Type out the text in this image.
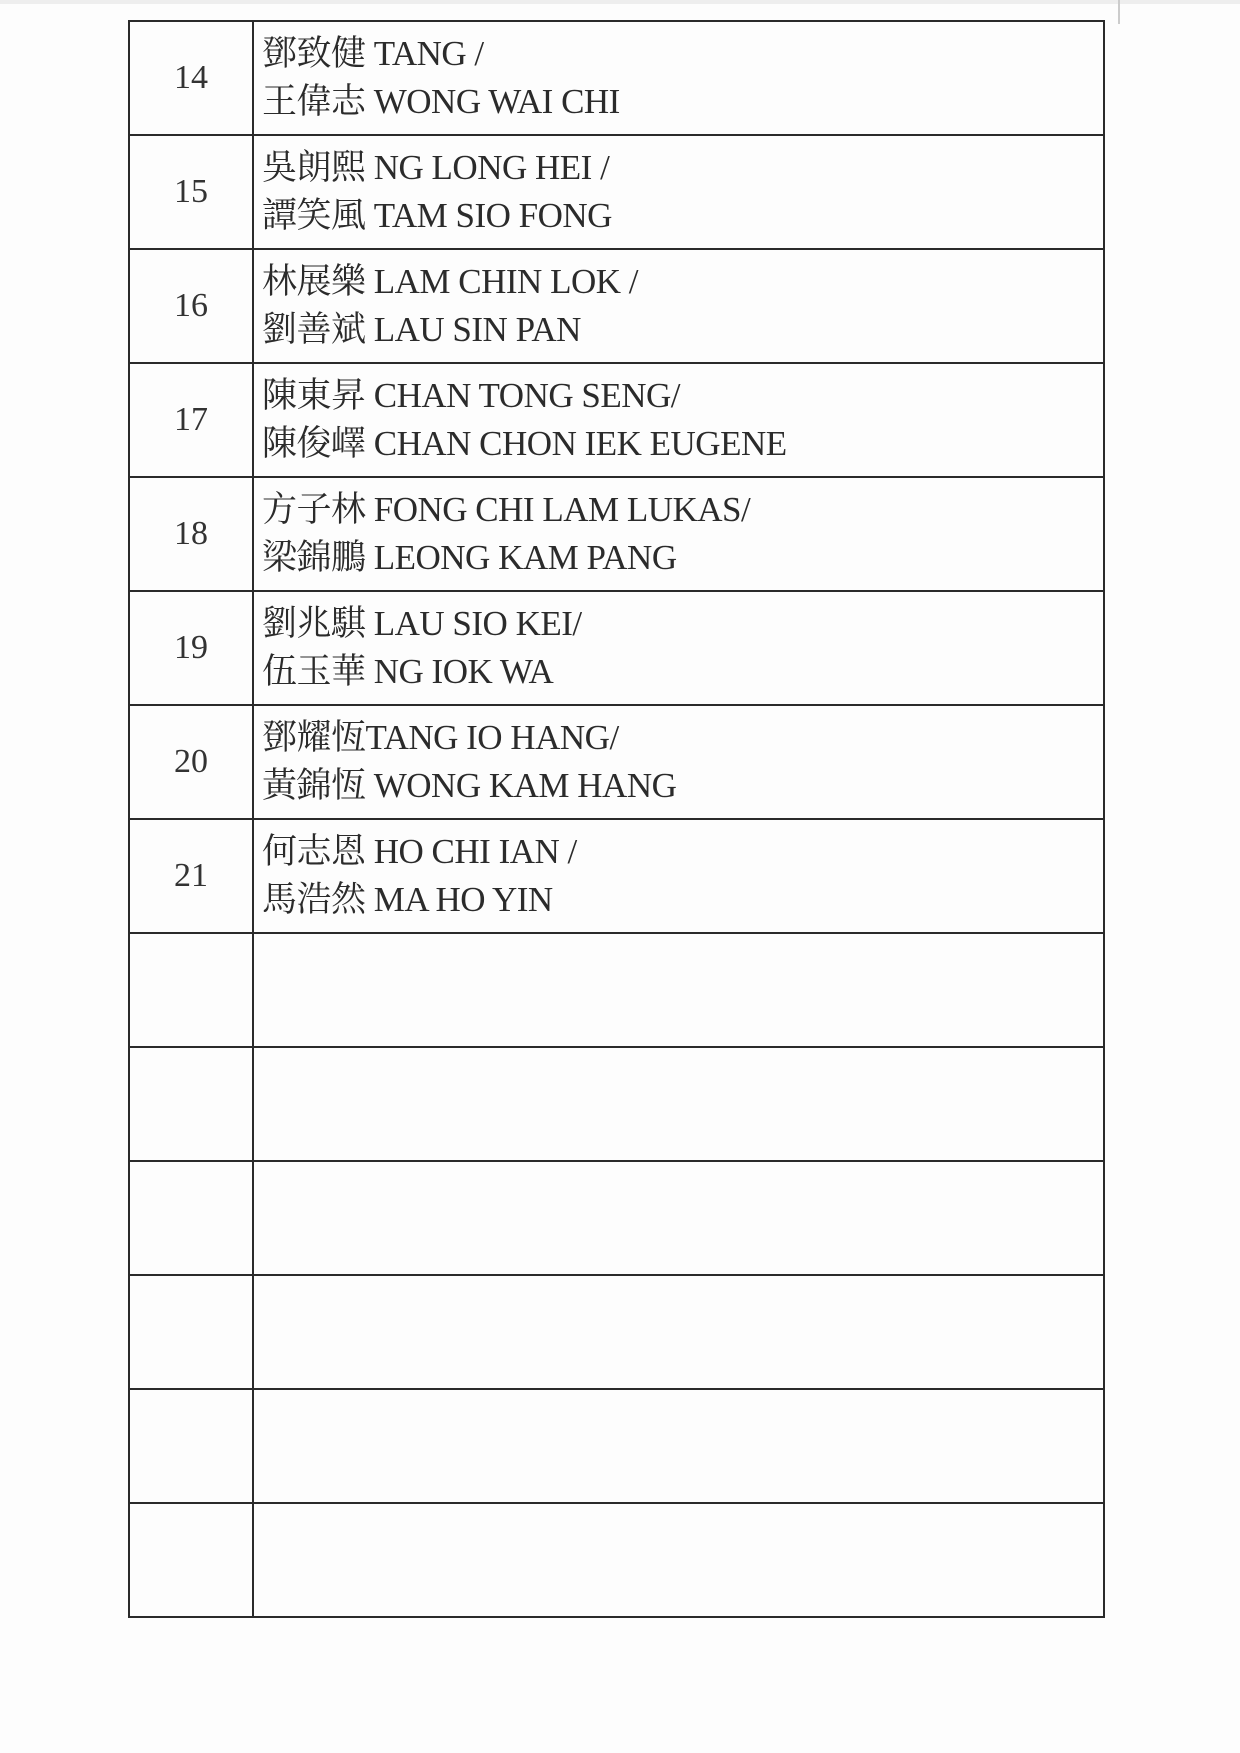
14	鄧致健 TANG /
王偉志 WONG WAI CHI

15	吳朗熙 NG LONG HEI /
譚笑風 TAM SIO FONG

16	林展樂 LAM CHIN LOK /
劉善斌 LAU SIN PAN

17	陳東昇 CHAN TONG SENG/
陳俊嶧 CHAN CHON IEK EUGENE

18	方子林 FONG CHI LAM LUKAS/
梁錦鵬 LEONG KAM PANG

19	劉兆騏 LAU SIO KEI/
伍玉華 NG IOK WA

20	鄧耀恆TANG IO HANG/
黃錦恆 WONG KAM HANG

21	何志恩 HO CHI IAN /
馬浩然 MA HO YIN
